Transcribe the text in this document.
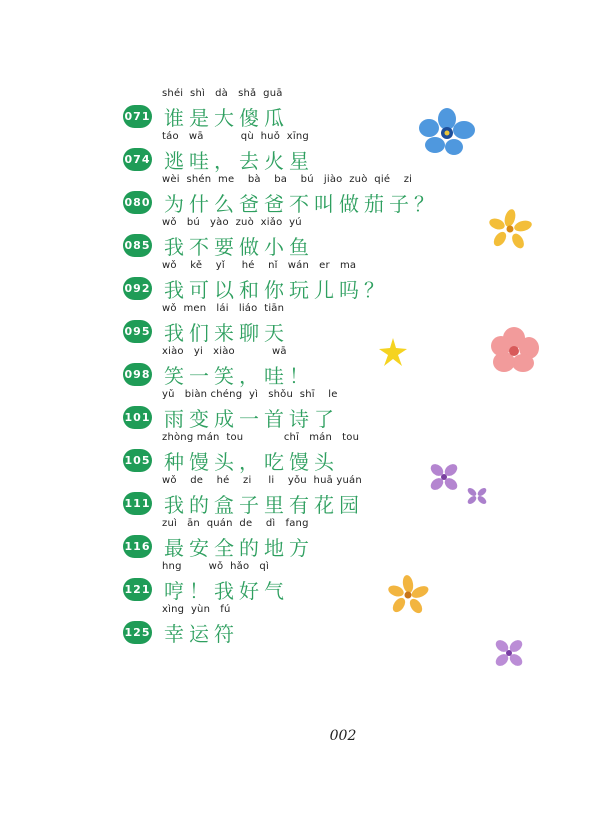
shéi  shì   dà   shǎ  guā
071 谁是大傻瓜
táo   wā           qù  huǒ  xīng
074 逃哇，去火星
wèi  shén  me    bà    ba    bú   jiào  zuò  qié    zi
080 为什么爸爸不叫做茄子？
wǒ   bú   yào  zuò  xiǎo  yú
085 我不要做小鱼
wǒ    kě    yǐ     hé    nǐ   wán   er   ma
092 我可以和你玩儿吗？
wǒ  men   lái   liáo  tiān
095 我们来聊天
xiào   yi   xiào           wā
098 笑一笑，哇！
yǔ   biàn chéng  yì   shǒu  shī    le
101 雨变成一首诗了
zhòng mán  tou            chī   mán   tou
105 种馒头，吃馒头
wǒ    de    hé    zi     li    yǒu  huā yuán
111 我的盒子里有花园
zuì   ān  quán  de    dì   fang
116 最安全的地方
hng        wǒ  hǎo   qì
121 哼！我好气
xìng  yùn   fú
125 幸运符
002
